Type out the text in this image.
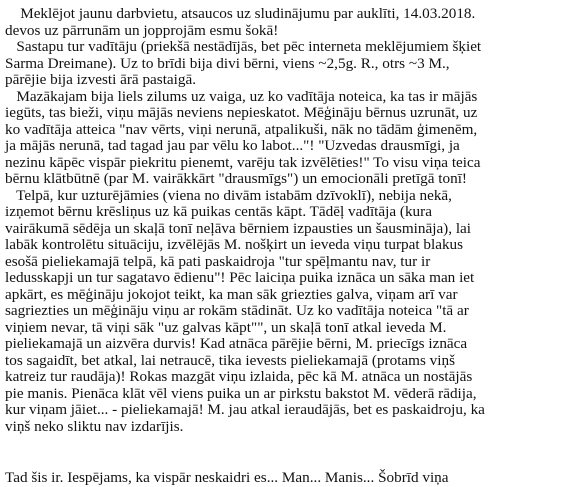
Meklējot jaunu darbvietu, atsaucos uz sludinājumu par auklīti, 14.03.2018.
devos uz pārrunām un jopprojām esmu šokā!
Sastapu tur vadītāju (priekšā nestādījās, bet pēc interneta meklējumiem šķiet
Sarma Dreimane). Uz to brīdi bija divi bērni, viens ~2,5g. R., otrs ~3 M.,
pārējie bija izvesti ārā pastaigā.
Mazākajam bija liels zilums uz vaiga, uz ko vadītāja noteica, ka tas ir mājās
iegūts, tas bieži, viņu mājās neviens nepieskatot. Mēģināju bērnus uzrunāt, uz
ko vadītāja atteica "nav vērts, viņi nerunā, atpalikuši, nāk no tādām ģimenēm,
ja mājās nerunā, tad tagad jau par vēlu ko labot..."! "Uzvedas drausmīgi, ja
nezinu kāpēc vispār piekritu pienemt, varēju tak izvēlēties!" To visu viņa teica
bērnu klātbūtnē (par M. vairākkārt "drausmīgs") un emocionāli pretīgā tonī!
Telpā, kur uzturējāmies (viena no divām istabām dzīvoklī), nebija nekā,
izņemot bērnu krēsliņus uz kā puikas centās kāpt. Tādēļ vadītāja (kura
vairākumā sēdēja un skaļā tonī neļāva bērniem izpausties un šausmināja), lai
labāk kontrolētu situāciju, izvēlējās M. nošķirt un ieveda viņu turpat blakus
esošā pieliekamajā telpā, kā pati paskaidroja "tur spēļmantu nav, tur ir
ledusskapji un tur sagatavo ēdienu"! Pēc laiciņa puika iznāca un sāka man iet
apkārt, es mēģināju jokojot teikt, ka man sāk griezties galva, viņam arī var
sagriezties un mēģināju viņu ar rokām stādināt. Uz ko vadītāja noteica "tā ar
viņiem nevar, tā viņi sāk "uz galvas kāpt"", un skaļā tonī atkal ieveda M.
pieliekamajā un aizvēra durvis! Kad atnāca pārējie bērni, M. priecīgs iznāca
tos sagaidīt, bet atkal, lai netraucē, tika ievests pieliekamajā (protams viņš
katreiz tur raudāja)! Rokas mazgāt viņu izlaida, pēc kā M. atnāca un nostājās
pie manis. Pienāca klāt vēl viens puika un ar pirkstu bakstot M. vēderā rādija,
kur viņam jāiet... - pieliekamajā! M. jau atkal ieraudājās, bet es paskaidroju, ka
viņš neko sliktu nav izdarījis.
Tad šis ir. Iespējams, ka vispār neskaidri es... Man... Manis... Šobrīd viņa
